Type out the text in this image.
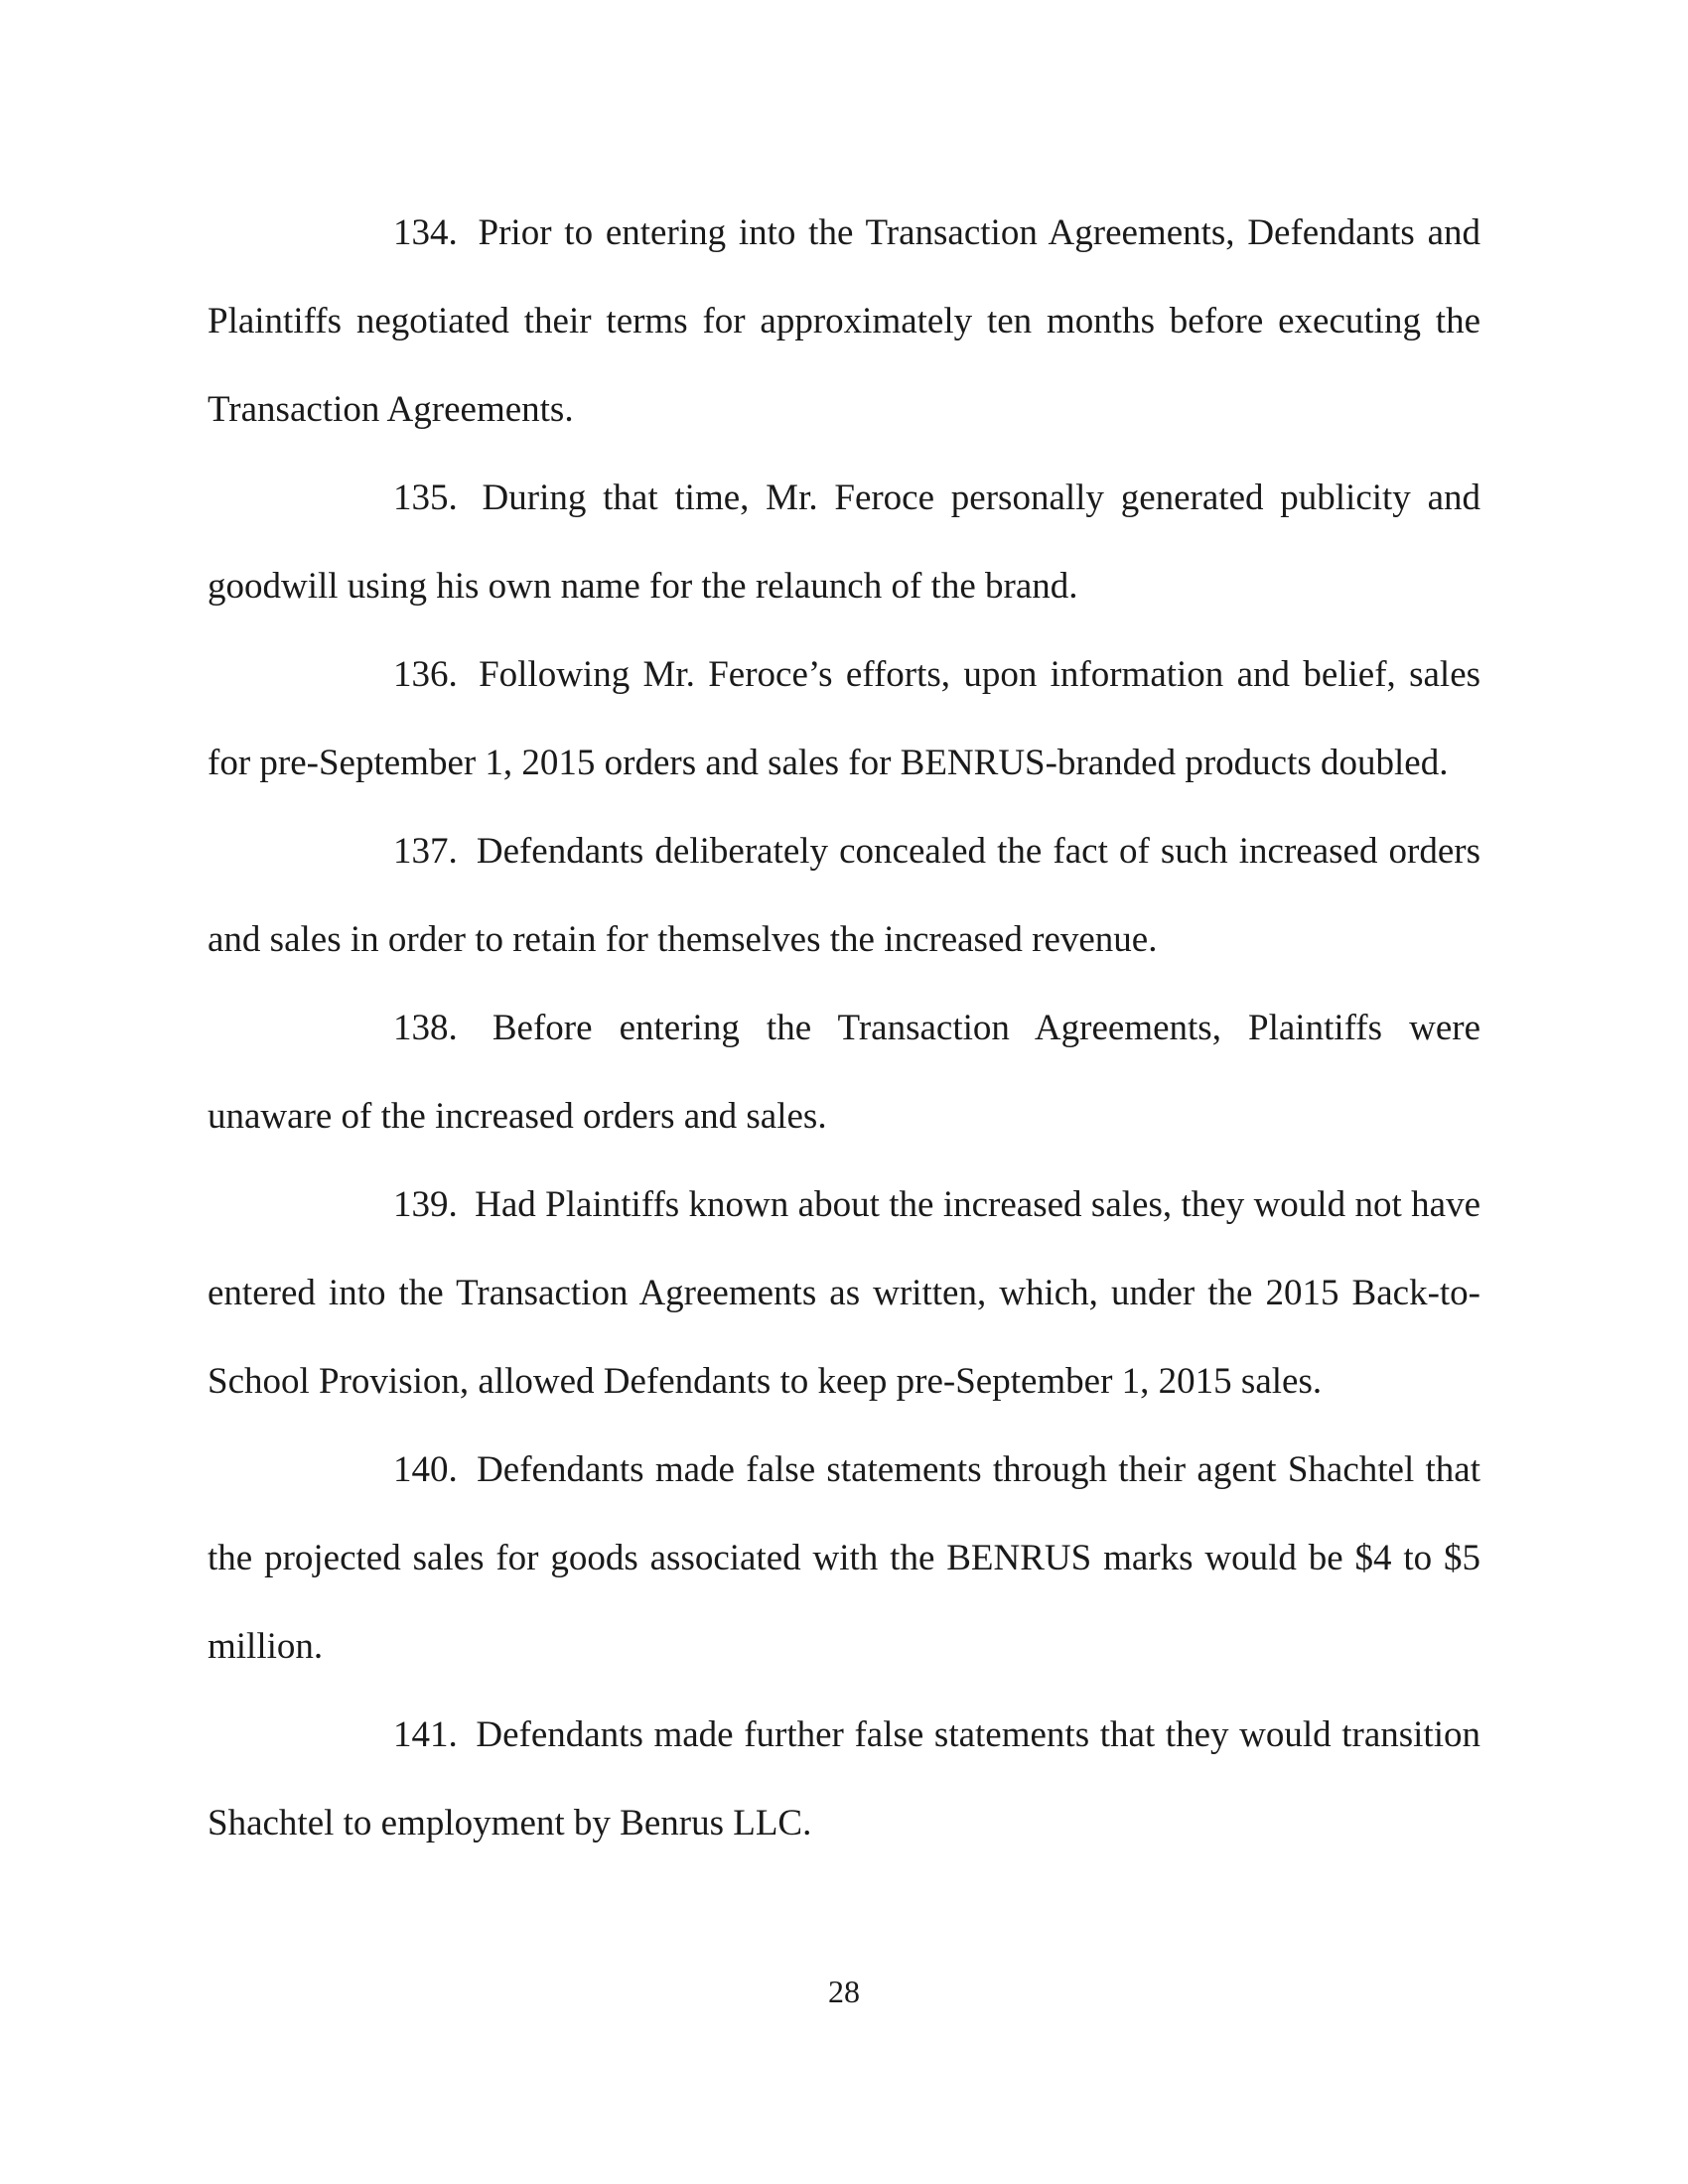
134. Prior to entering into the Transaction Agreements, Defendants and Plaintiffs negotiated their terms for approximately ten months before executing the Transaction Agreements.

135. During that time, Mr. Feroce personally generated publicity and goodwill using his own name for the relaunch of the brand.

136. Following Mr. Feroce’s efforts, upon information and belief, sales for pre-September 1, 2015 orders and sales for BENRUS-branded products doubled.

137. Defendants deliberately concealed the fact of such increased orders and sales in order to retain for themselves the increased revenue.

138. Before entering the Transaction Agreements, Plaintiffs were unaware of the increased orders and sales.

139. Had Plaintiffs known about the increased sales, they would not have entered into the Transaction Agreements as written, which, under the 2015 Back-to-School Provision, allowed Defendants to keep pre-September 1, 2015 sales.

140. Defendants made false statements through their agent Shachtel that the projected sales for goods associated with the BENRUS marks would be $4 to $5 million.

141. Defendants made further false statements that they would transition Shachtel to employment by Benrus LLC.

28
